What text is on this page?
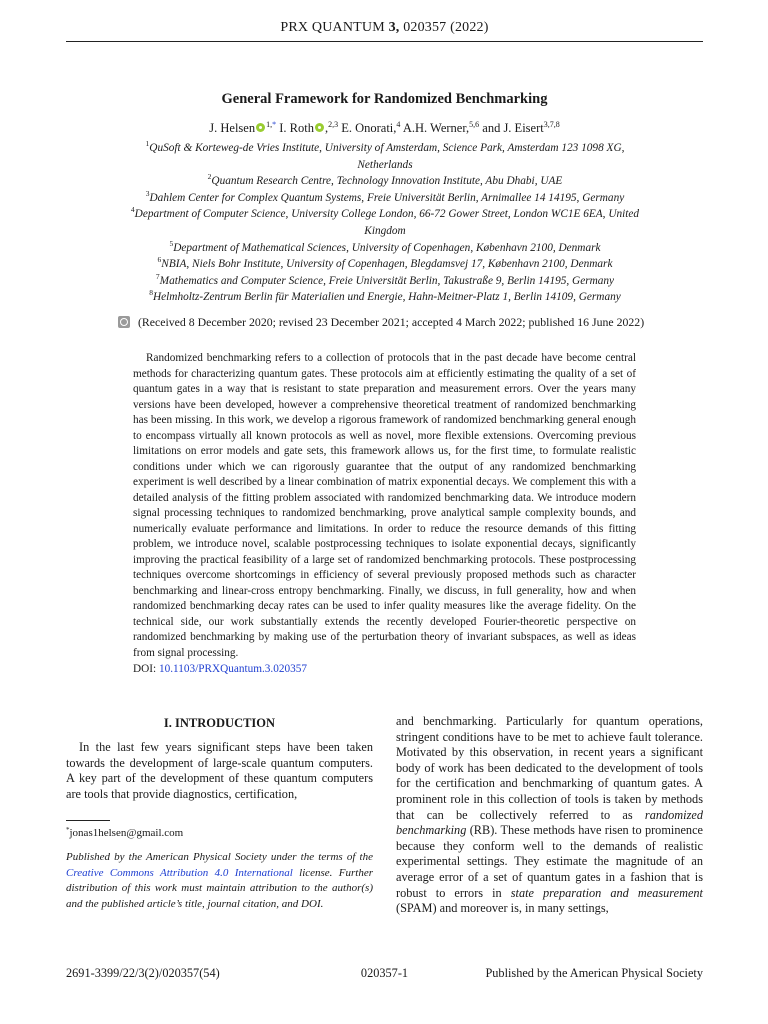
PRX QUANTUM 3, 020357 (2022)
General Framework for Randomized Benchmarking
J. Helsen $^{1,*}$ I. Roth ,$^{2,3}$ E. Onorati,$^4$ A.H. Werner,$^{5,6}$ and J. Eisert$^{3,7,8}$
$^1$QuSoft & Korteweg-de Vries Institute, University of Amsterdam, Science Park, Amsterdam 123 1098 XG,
Netherlands
$^2$Quantum Research Centre, Technology Innovation Institute, Abu Dhabi, UAE
$^3$Dahlem Center for Complex Quantum Systems, Freie Universität Berlin, Arnimallee 14 14195, Germany
$^4$Department of Computer Science, University College London, 66-72 Gower Street, London WC1E 6EA, United
Kingdom
$^5$Department of Mathematical Sciences, University of Copenhagen, København 2100, Denmark
$^6$NBIA, Niels Bohr Institute, University of Copenhagen, Blegdamsvej 17, København 2100, Denmark
$^7$Mathematics and Computer Science, Freie Universität Berlin, Takustraße 9, Berlin 14195, Germany
$^8$Helmholtz-Zentrum Berlin für Materialien und Energie, Hahn-Meitner-Platz 1, Berlin 14109, Germany
(Received 8 December 2020; revised 23 December 2021; accepted 4 March 2022; published 16 June 2022)

Randomized benchmarking refers to a collection of protocols that in the past decade have become central methods for characterizing quantum gates. These protocols aim at efficiently estimating the quality of a set of quantum gates in a way that is resistant to state preparation and measurement errors. Over the years many versions have been developed, however a comprehensive theoretical treatment of randomized benchmarking has been missing. In this work, we develop a rigorous framework of randomized benchmarking general enough to encompass virtually all known protocols as well as novel, more flexible extensions. Overcoming previous limitations on error models and gate sets, this framework allows us, for the first time, to formulate realistic conditions under which we can rigorously guarantee that the output of any randomized benchmarking experiment is well described by a linear combination of matrix exponential decays. We complement this with a detailed analysis of the fitting problem associated with randomized benchmarking data. We introduce modern signal processing techniques to randomized benchmarking, prove analytical sample complexity bounds, and numerically evaluate performance and limitations. In order to reduce the resource demands of this fitting problem, we introduce novel, scalable postprocessing techniques to isolate exponential decays, significantly improving the practical feasibility of a large set of randomized benchmarking protocols. These postprocessing techniques overcome shortcomings in efficiency of several previously proposed methods such as character benchmarking and linear-cross entropy benchmarking. Finally, we discuss, in full generality, how and when randomized benchmarking decay rates can be used to infer quality measures like the average fidelity. On the technical side, our work substantially extends the recently developed Fourier-theoretic perspective on randomized benchmarking by making use of the perturbation theory of invariant subspaces, as well as ideas from signal processing.

DOI: 10.1103/PRXQuantum.3.020357
I. INTRODUCTION

In the last few years significant steps have been taken towards the development of large-scale quantum computers. A key part of the development of these quantum computers are tools that provide diagnostics, certification,

and benchmarking. Particularly for quantum operations, stringent conditions have to be met to achieve fault tolerance. Motivated by this observation, in recent years a significant body of work has been dedicated to the development of tools for the certification and benchmarking of quantum gates. A prominent role in this collection of tools is taken by methods that can be collectively referred to as randomized benchmarking (RB). These methods have risen to prominence because they conform well to the demands of realistic experimental settings. They estimate the magnitude of an average error of a set of quantum gates in a fashion that is robust to errors in state preparation and measurement (SPAM) and moreover is, in many settings,

*jonas1helsen@gmail.com
Published by the American Physical Society under the terms of the Creative Commons Attribution 4.0 International license. Further distribution of this work must maintain attribution to the author(s) and the published article’s title, journal citation, and DOI.
2691-3399/22/3(2)/020357(54)	020357-1	Published by the American Physical Society
